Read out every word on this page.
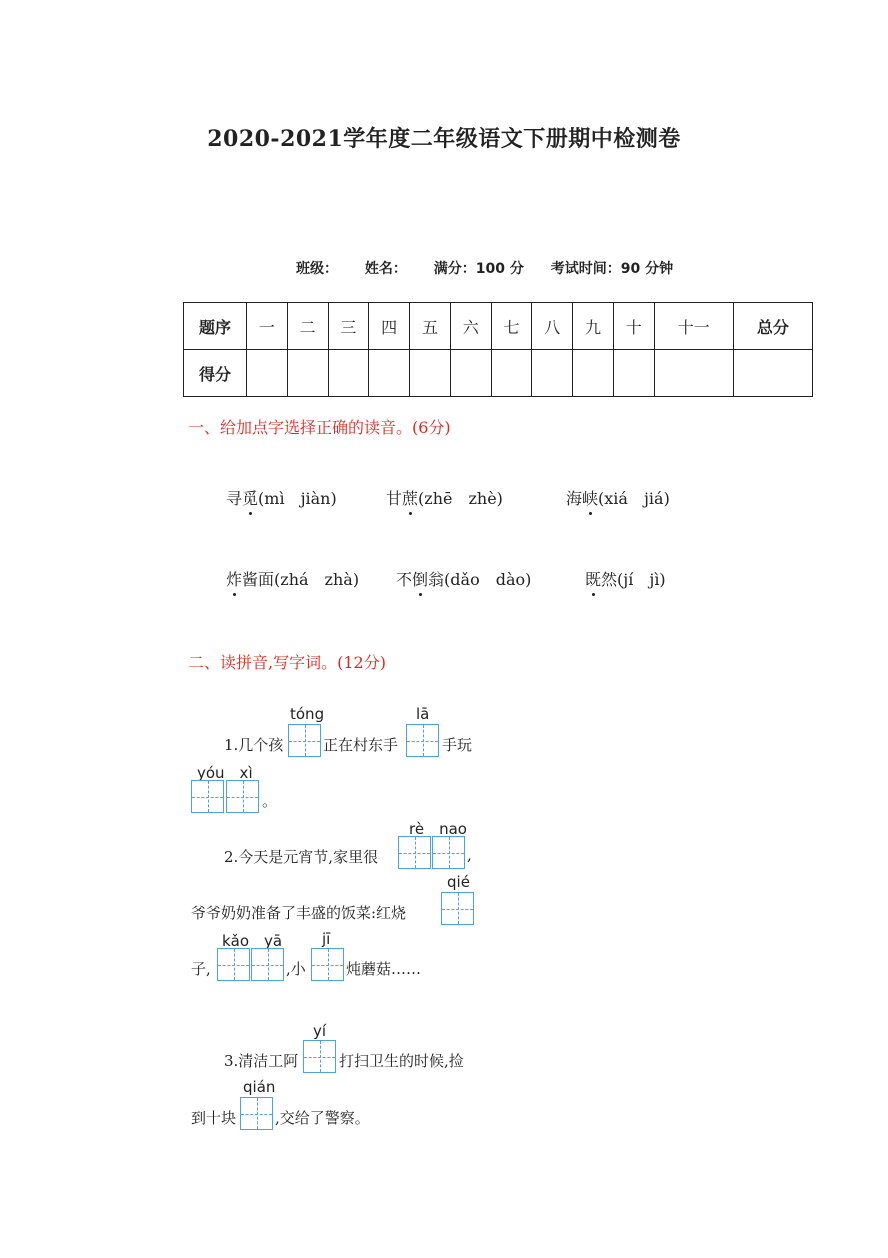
2020-2021学年度二年级语文下册期中检测卷
班级： 姓名： 满分：100 分 考试时间：90 分钟
题序	一	二	三	四	五	六	七	八	九	十	十一	总分
得分												
一、给加点字选择正确的读音。(6分)
寻觅(mì　jiàn)	甘蔗(zhē　zhè)	海峡(xiá　jiá)
炸酱面(zhá　zhà) 不倒翁(dǎo　dào)	既然(jí　jì)
二、读拼音,写字词。(12分)
tóng	lā
1.几个孩	正在村东手	手玩
yóu　xì
。
rè　nao
2.今天是元宵节,家里很	,
qié
爷爷奶奶准备了丰盛的饭菜:红烧
kǎo　yā	jī
子,	,小	炖蘑菇……
yí
3.清洁工阿	打扫卫生的时候,捡
qián
到十块	,交给了警察。
